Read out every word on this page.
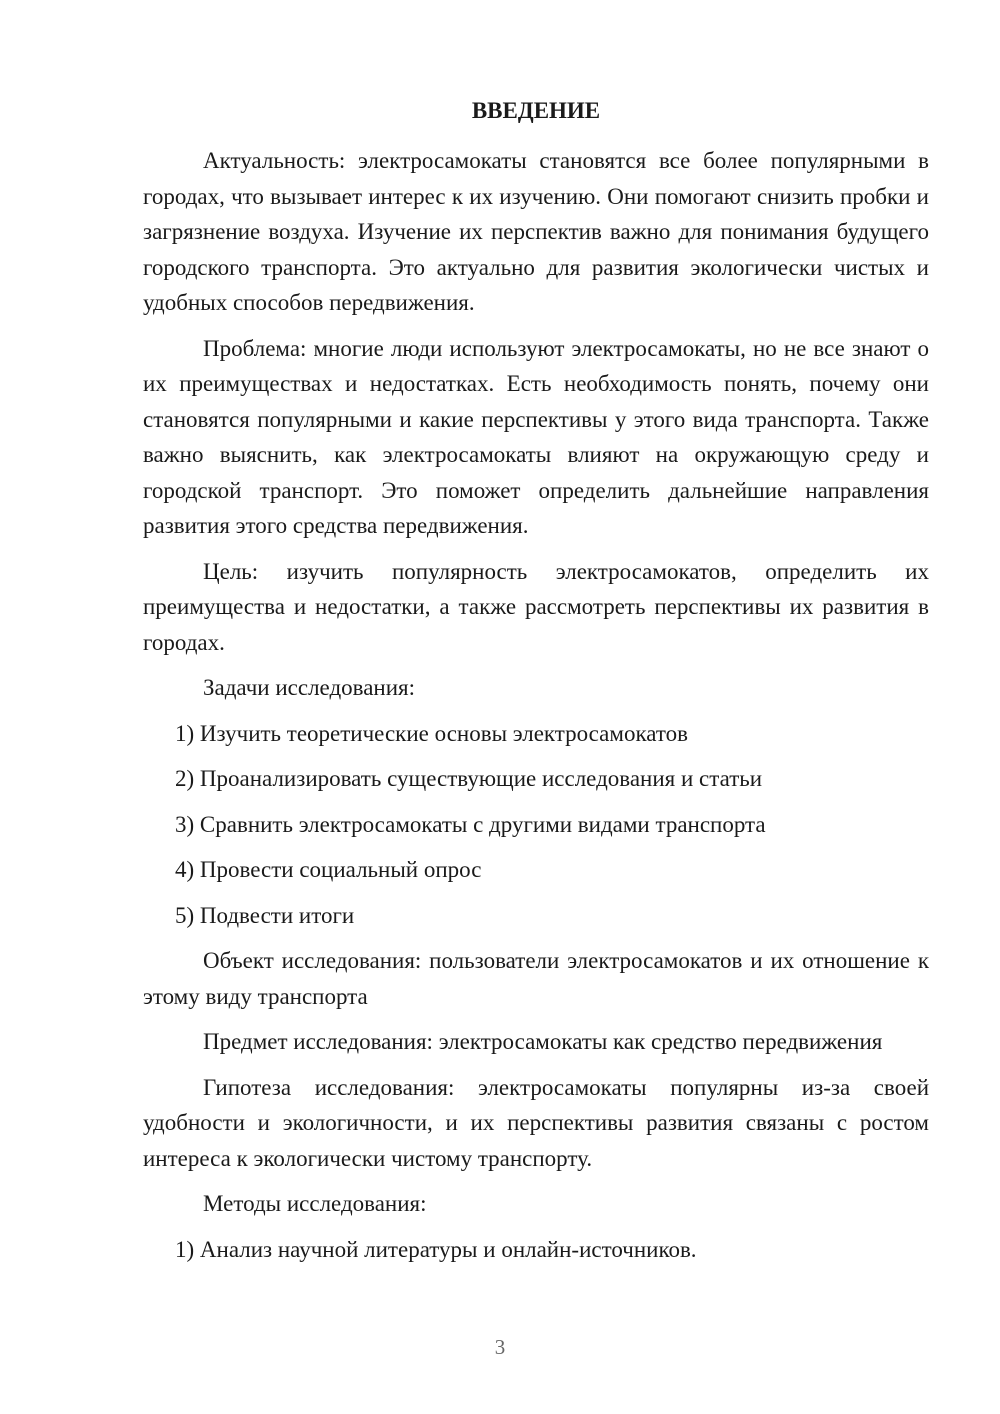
ВВЕДЕНИЕ

Актуальность: электросамокаты становятся все более популярными в городах, что вызывает интерес к их изучению. Они помогают снизить пробки и загрязнение воздуха. Изучение их перспектив важно для понимания будущего городского транспорта. Это актуально для развития экологически чистых и удобных способов передвижения.

Проблема: многие люди используют электросамокаты, но не все знают о их преимуществах и недостатках. Есть необходимость понять, почему они становятся популярными и какие перспективы у этого вида транспорта. Также важно выяснить, как электросамокаты влияют на окружающую среду и городской транспорт. Это поможет определить дальнейшие направления развития этого средства передвижения.

Цель: изучить популярность электросамокатов, определить их преимущества и недостатки, а также рассмотреть перспективы их развития в городах.

Задачи исследования:

1) Изучить теоретические основы электросамокатов

2) Проанализировать существующие исследования и статьи

3) Сравнить электросамокаты с другими видами транспорта

4) Провести социальный опрос

5) Подвести итоги

Объект исследования: пользователи электросамокатов и их отношение к этому виду транспорта

Предмет исследования: электросамокаты как средство передвижения

Гипотеза исследования: электросамокаты популярны из-за своей удобности и экологичности, и их перспективы развития связаны с ростом интереса к экологически чистому транспорту.

Методы исследования:

1) Анализ научной литературы и онлайн-источников.

3
